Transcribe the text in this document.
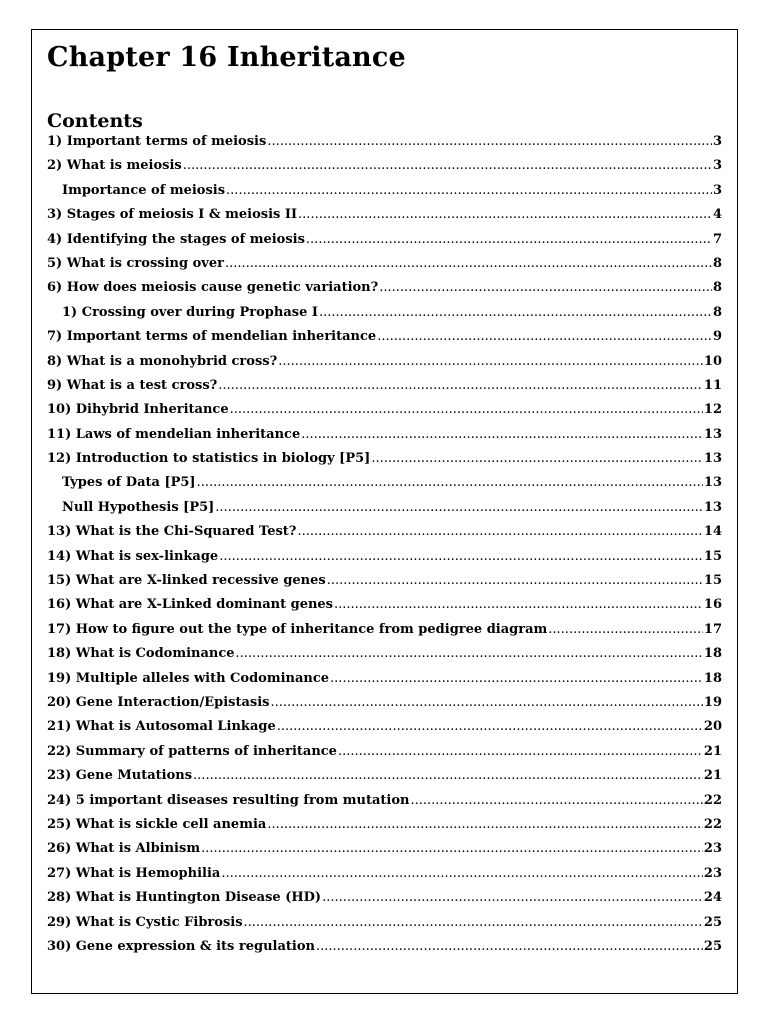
Chapter 16 Inheritance
Contents
1) Important terms of meiosis .....	3
2) What is meiosis .....	3
Importance of meiosis .....	3
3) Stages of meiosis I & meiosis II .....	4
4) Identifying the stages of meiosis .....	7
5) What is crossing over .....	8
6) How does meiosis cause genetic variation? .....	8
1) Crossing over during Prophase I .....	8
7) Important terms of mendelian inheritance .....	9
8) What is a monohybrid cross? .....	10
9) What is a test cross? .....	11
10) Dihybrid Inheritance .....	12
11) Laws of mendelian inheritance .....	13
12) Introduction to statistics in biology [P5] .....	13
Types of Data [P5] .....	13
Null Hypothesis [P5] .....	13
13) What is the Chi-Squared Test? .....	14
14) What is sex-linkage .....	15
15) What are X-linked recessive genes .....	15
16) What are X-Linked dominant genes .....	16
17) How to figure out the type of inheritance from pedigree diagram .....	17
18) What is Codominance .....	18
19) Multiple alleles with Codominance .....	18
20) Gene Interaction/Epistasis .....	19
21) What is Autosomal Linkage .....	20
22) Summary of patterns of inheritance .....	21
23) Gene Mutations .....	21
24) 5 important diseases resulting from mutation .....	22
25) What is sickle cell anemia .....	22
26) What is Albinism .....	23
27) What is Hemophilia .....	23
28) What is Huntington Disease (HD) .....	24
29) What is Cystic Fibrosis .....	25
30) Gene expression & its regulation .....	25
